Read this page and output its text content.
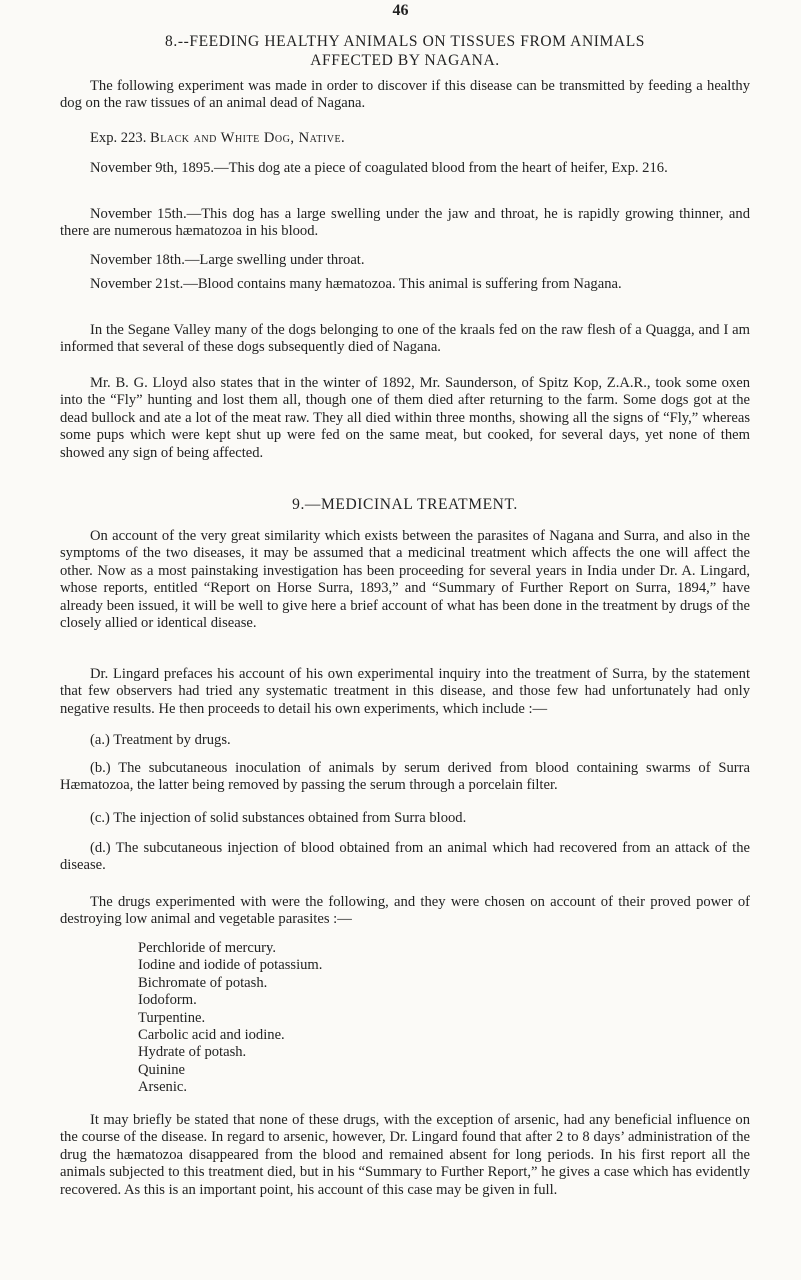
46

8.--FEEDING HEALTHY ANIMALS ON TISSUES FROM ANIMALS

AFFECTED BY NAGANA.

The following experiment was made in order to discover if this disease can be transmitted by feeding a healthy dog on the raw tissues of an animal dead of Nagana.

Exp. 223. Black and White Dog, Native.

November 9th, 1895.—This dog ate a piece of coagulated blood from the heart of heifer, Exp. 216.

November 15th.—This dog has a large swelling under the jaw and throat, he is rapidly growing thinner, and there are numerous hæmatozoa in his blood.

November 18th.—Large swelling under throat.

November 21st.—Blood contains many hæmatozoa. This animal is suffering from Nagana.

In the Segane Valley many of the dogs belonging to one of the kraals fed on the raw flesh of a Quagga, and I am informed that several of these dogs subsequently died of Nagana.

Mr. B. G. Lloyd also states that in the winter of 1892, Mr. Saunderson, of Spitz Kop, Z.A.R., took some oxen into the “Fly” hunting and lost them all, though one of them died after returning to the farm. Some dogs got at the dead bullock and ate a lot of the meat raw. They all died within three months, showing all the signs of “Fly,” whereas some pups which were kept shut up were fed on the same meat, but cooked, for several days, yet none of them showed any sign of being affected.

9.—MEDICINAL TREATMENT.

On account of the very great similarity which exists between the parasites of Nagana and Surra, and also in the symptoms of the two diseases, it may be assumed that a medicinal treatment which affects the one will affect the other. Now as a most painstaking investigation has been proceeding for several years in India under Dr. A. Lingard, whose reports, entitled “Report on Horse Surra, 1893,” and “Summary of Further Report on Surra, 1894,” have already been issued, it will be well to give here a brief account of what has been done in the treatment by drugs of the closely allied or identical disease.

Dr. Lingard prefaces his account of his own experimental inquiry into the treatment of Surra, by the statement that few observers had tried any systematic treatment in this disease, and those few had unfortunately had only negative results. He then proceeds to detail his own experiments, which include :—

(a.) Treatment by drugs.

(b.) The subcutaneous inoculation of animals by serum derived from blood containing swarms of Surra Hæmatozoa, the latter being removed by passing the serum through a porcelain filter.

(c.) The injection of solid substances obtained from Surra blood.

(d.) The subcutaneous injection of blood obtained from an animal which had recovered from an attack of the disease.

The drugs experimented with were the following, and they were chosen on account of their proved power of destroying low animal and vegetable parasites :—

Perchloride of mercury.
Iodine and iodide of potassium.
Bichromate of potash.
Iodoform.
Turpentine.
Carbolic acid and iodine.
Hydrate of potash.
Quinine
Arsenic.

It may briefly be stated that none of these drugs, with the exception of arsenic, had any beneficial influence on the course of the disease. In regard to arsenic, however, Dr. Lingard found that after 2 to 8 days’ administration of the drug the hæmatozoa disappeared from the blood and remained absent for long periods. In his first report all the animals subjected to this treatment died, but in his “Summary to Further Report,” he gives a case which has evidently recovered. As this is an important point, his account of this case may be given in full.
